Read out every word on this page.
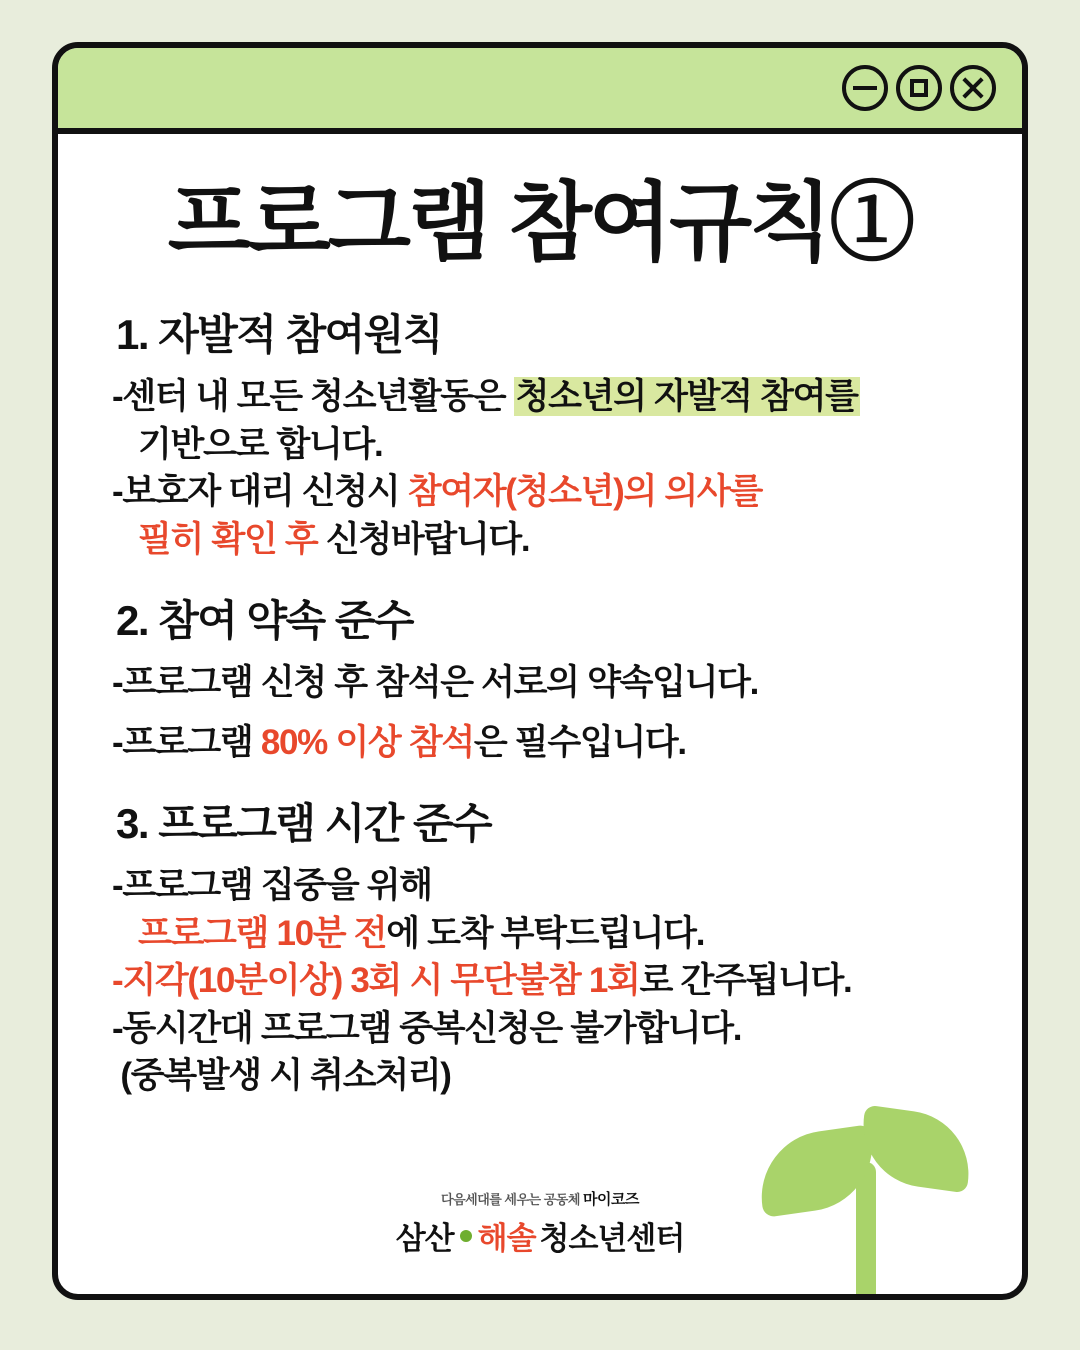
프로그램 참여규칙①
1. 자발적 참여원칙
-센터 내 모든 청소년활동은 청소년의 자발적 참여를
기반으로 합니다.
-보호자 대리 신청시 참여자(청소년)의 의사를
필히 확인 후 신청바랍니다.
2. 참여 약속 준수
-프로그램 신청 후 참석은 서로의 약속입니다.
-프로그램 80% 이상 참석은 필수입니다.
3. 프로그램 시간 준수
-프로그램 집중을 위해
프로그램 10분 전에 도착 부탁드립니다.
-지각(10분이상) 3회 시 무단불참 1회로 간주됩니다.
-동시간대 프로그램 중복신청은 불가합니다.
(중복발생 시 취소처리)
다음세대를 세우는 공동체 마이코즈
삼산 해솔 청소년센터
